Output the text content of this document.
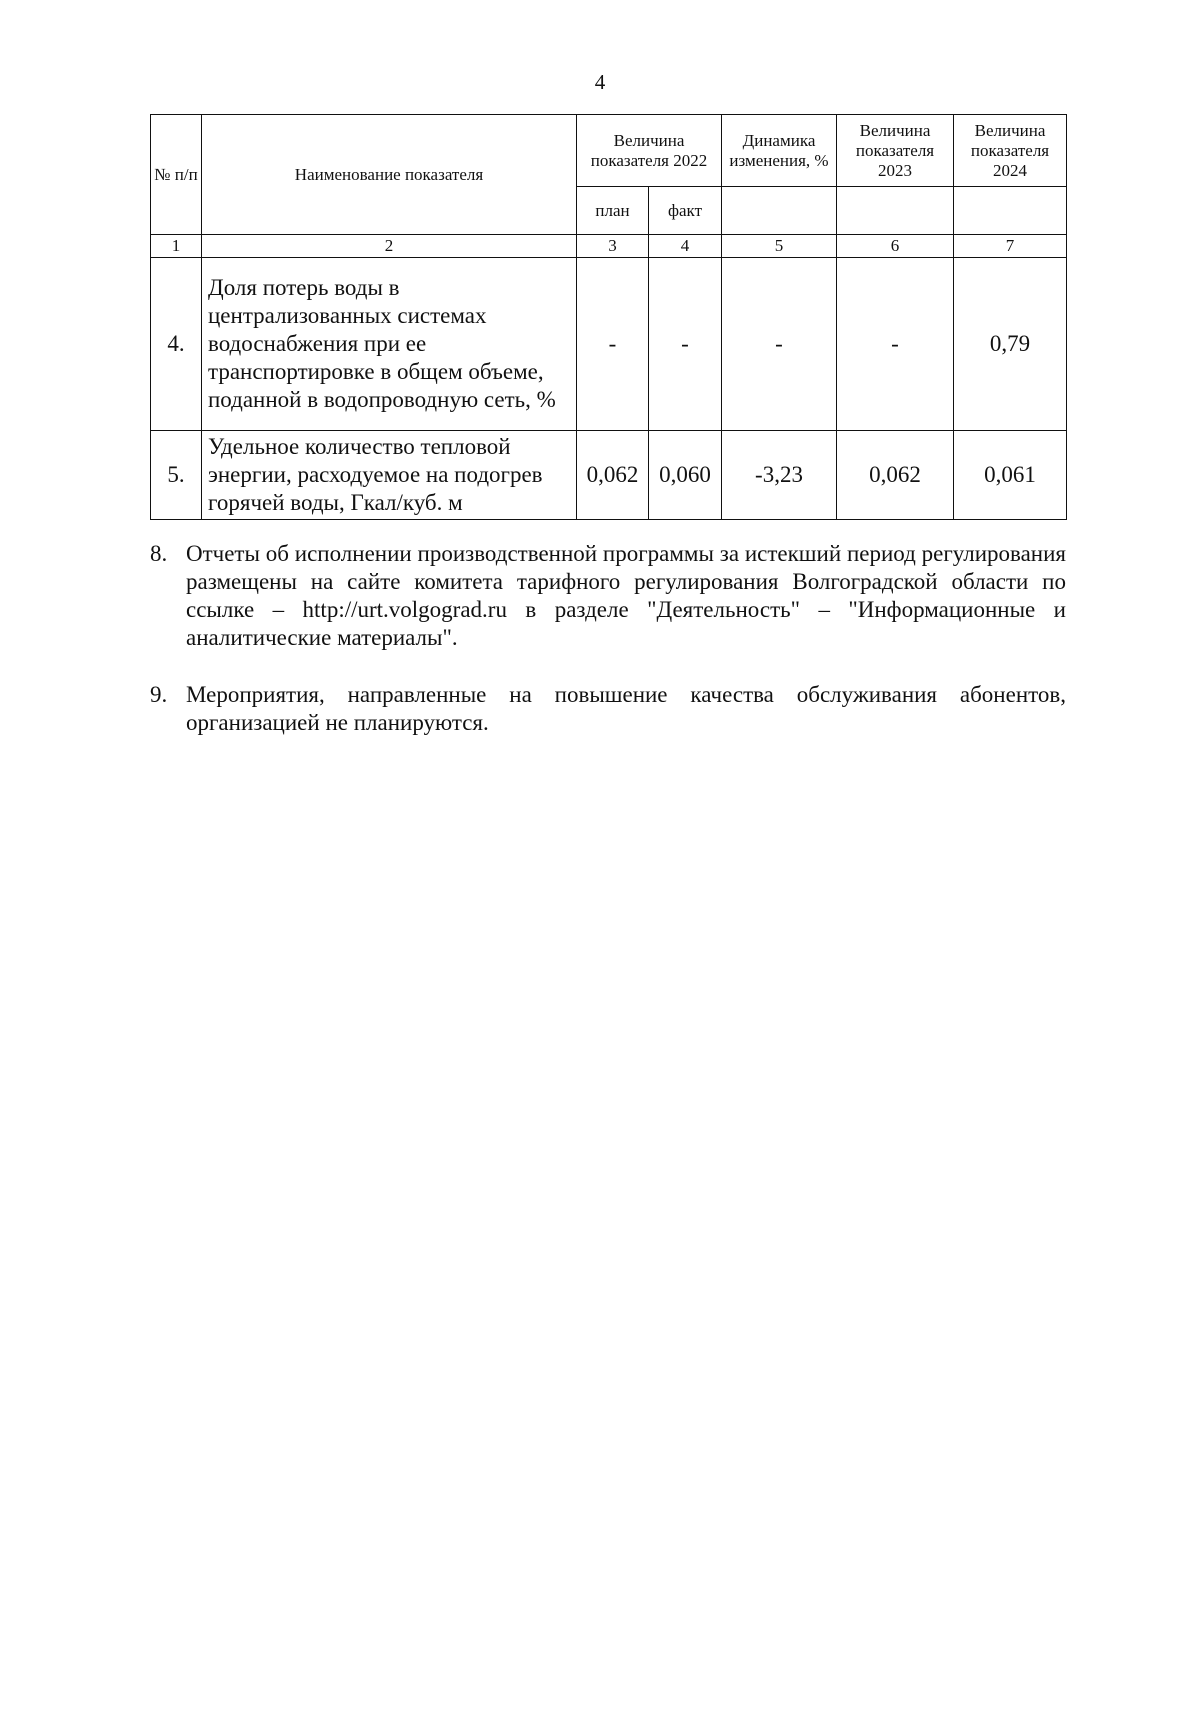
4
№ п/п	Наименование показателя	Величина показателя 2022		Динамика изменения, %	Величина показателя 2023	Величина показателя 2024
		план	факт			
1	2	3	4	5	6	7
4.	Доля потерь воды в централизованных системах водоснабжения при ее транспортировке в общем объеме, поданной в водопроводную сеть, %	-	-	-	-	0,79
5.	Удельное количество тепловой энергии, расходуемое на подогрев горячей воды, Гкал/куб. м	0,062	0,060	-3,23	0,062	0,061
8. Отчеты об исполнении производственной программы за истекший период регулирования размещены на сайте комитета тарифного регулирования Волгоградской области по ссылке – http://urt.volgograd.ru в разделе "Деятельность" – "Информационные и аналитические материалы".
9. Мероприятия, направленные на повышение качества обслуживания абонентов, организацией не планируются.
